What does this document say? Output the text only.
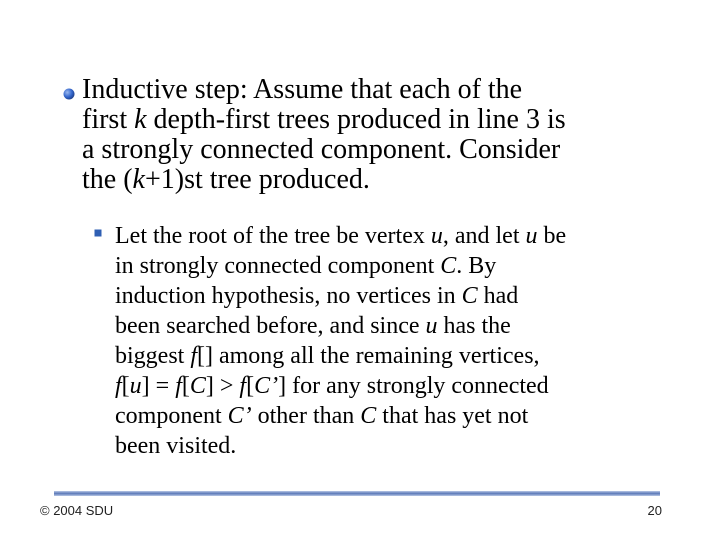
Inductive step: Assume that each of the
first k depth-first trees produced in line 3 is
a strongly connected component. Consider
the (k+1)st tree produced.

Let the root of the tree be vertex u, and let u be
in strongly connected component C. By
induction hypothesis, no vertices in C had
been searched before, and since u has the
biggest f[] among all the remaining vertices,
f[u] = f[C] > f[C’] for any strongly connected
component C’ other than C that has yet not
been visited.

© 2004 SDU	20
